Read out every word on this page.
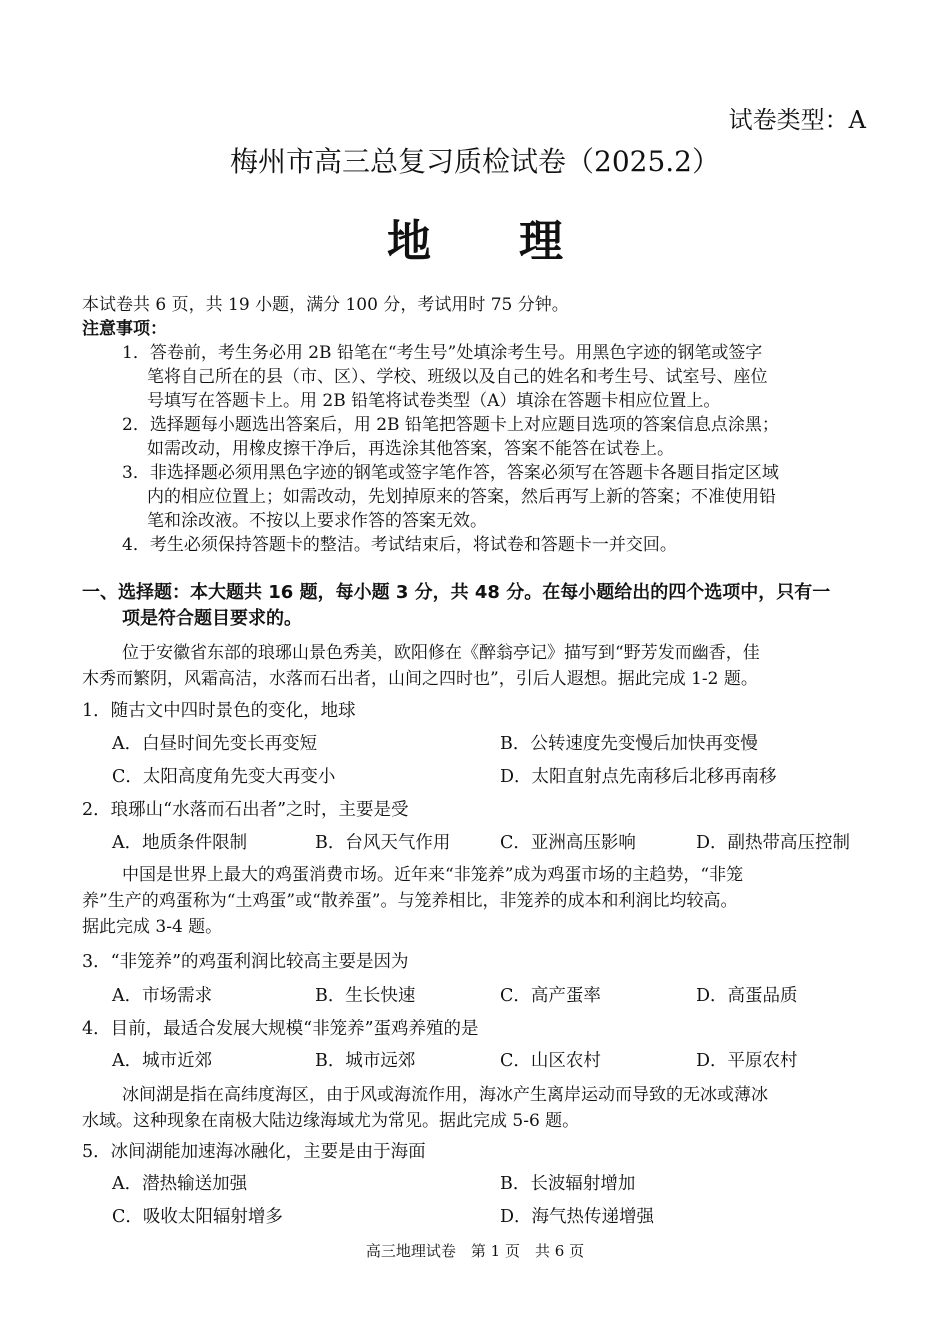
试卷类型：A
梅州市高三总复习质检试卷（2025.2）
地　　理
本试卷共 6 页，共 19 小题，满分 100 分，考试用时 75 分钟。
注意事项：
1．答卷前，考生务必用 2B 铅笔在“考生号”处填涂考生号。用黑色字迹的钢笔或签字
笔将自己所在的县（市、区）、学校、班级以及自己的姓名和考生号、试室号、座位
号填写在答题卡上。用 2B 铅笔将试卷类型（A）填涂在答题卡相应位置上。
2．选择题每小题选出答案后，用 2B 铅笔把答题卡上对应题目选项的答案信息点涂黑；
如需改动，用橡皮擦干净后，再选涂其他答案，答案不能答在试卷上。
3．非选择题必须用黑色字迹的钢笔或签字笔作答，答案必须写在答题卡各题目指定区域
内的相应位置上；如需改动，先划掉原来的答案，然后再写上新的答案；不准使用铅
笔和涂改液。不按以上要求作答的答案无效。
4．考生必须保持答题卡的整洁。考试结束后，将试卷和答题卡一并交回。
一、选择题：本大题共 16 题，每小题 3 分，共 48 分。在每小题给出的四个选项中，只有一
项是符合题目要求的。
位于安徽省东部的琅琊山景色秀美，欧阳修在《醉翁亭记》描写到“野芳发而幽香，佳
木秀而繁阴，风霜高洁，水落而石出者，山间之四时也”，引后人遐想。据此完成 1-2 题。
1．随古文中四时景色的变化，地球
A．白昼时间先变长再变短	B．公转速度先变慢后加快再变慢
C．太阳高度角先变大再变小	D．太阳直射点先南移后北移再南移
2．琅琊山“水落而石出者”之时，主要是受
A．地质条件限制	B．台风天气作用	C．亚洲高压影响	D．副热带高压控制
中国是世界上最大的鸡蛋消费市场。近年来“非笼养”成为鸡蛋市场的主趋势，“非笼
养”生产的鸡蛋称为“土鸡蛋”或“散养蛋”。与笼养相比，非笼养的成本和利润比均较高。
据此完成 3-4 题。
3．“非笼养”的鸡蛋利润比较高主要是因为
A．市场需求	B．生长快速	C．高产蛋率	D．高蛋品质
4．目前，最适合发展大规模“非笼养”蛋鸡养殖的是
A．城市近郊	B．城市远郊	C．山区农村	D．平原农村
冰间湖是指在高纬度海区，由于风或海流作用，海冰产生离岸运动而导致的无冰或薄冰
水域。这种现象在南极大陆边缘海域尤为常见。据此完成 5-6 题。
5．冰间湖能加速海冰融化，主要是由于海面
A．潜热输送加强	B．长波辐射增加
C．吸收太阳辐射增多	D．海气热传递增强
高三地理试卷　第 1 页　共 6 页
